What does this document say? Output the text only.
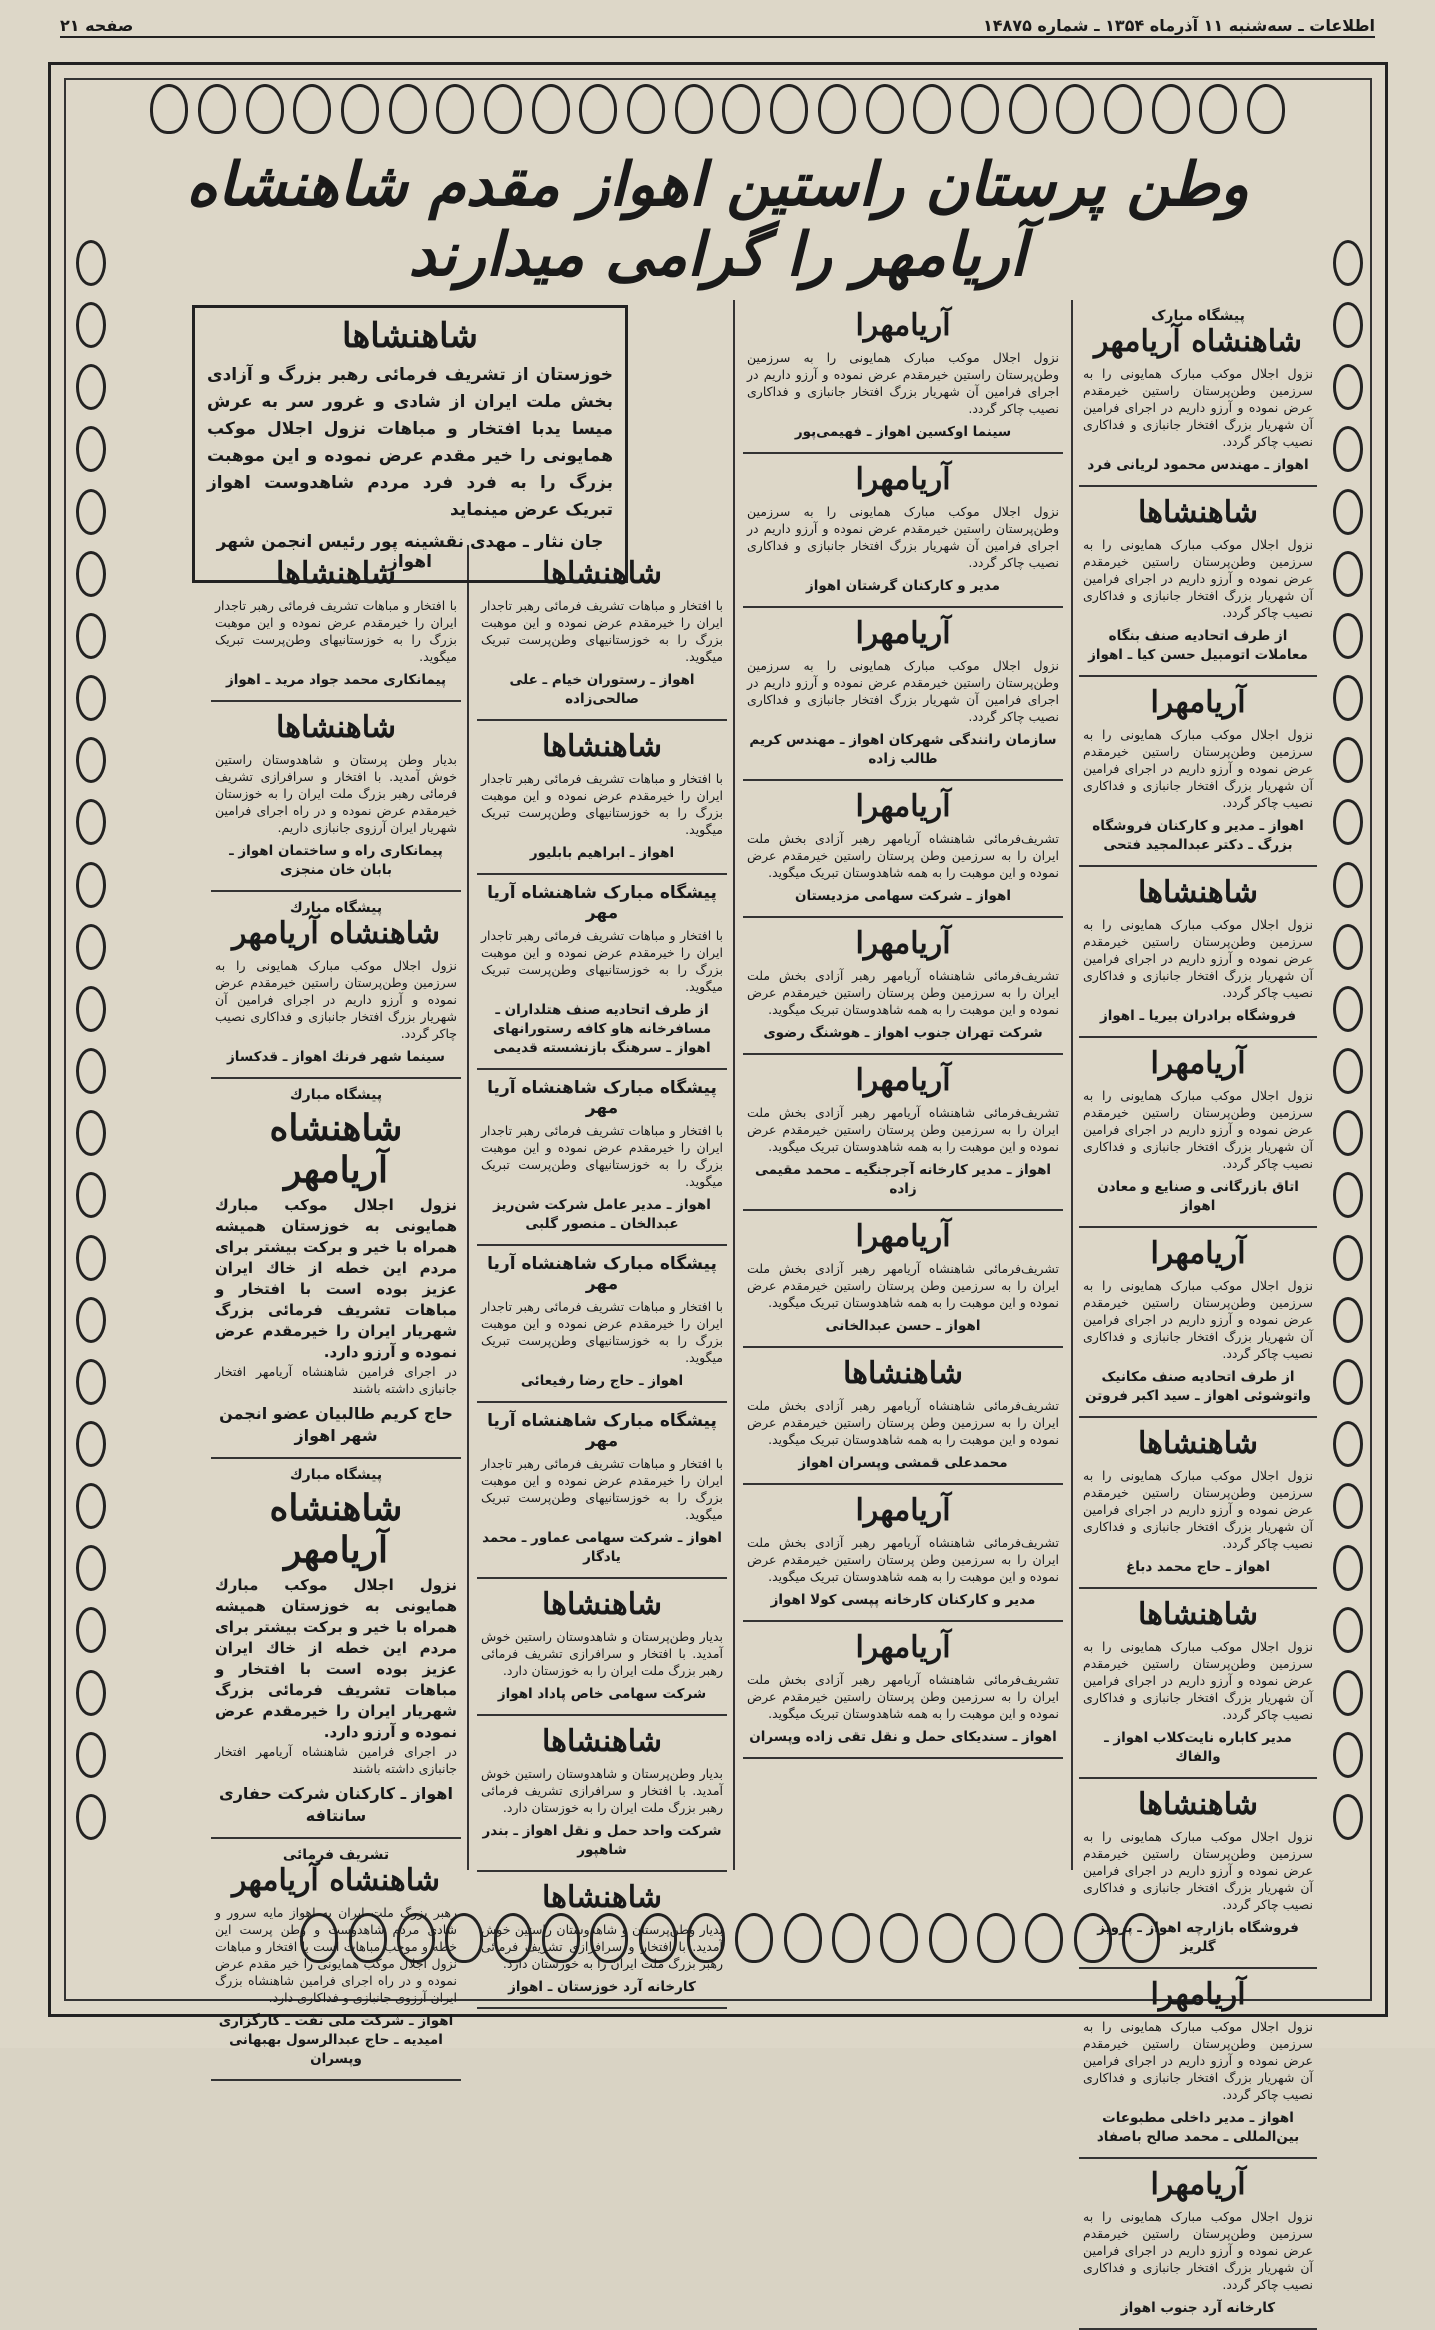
اطلاعات ـ سه‌شنبه ۱۱ آذرماه ۱۳۵۴ ـ شماره ۱۴۸۷۵
صفحه ۲۱
وطن پرستان راستین اهواز مقدم شاهنشاه آریامهر را گرامی میدارند
شاهنشاها

خوزستان از تشریف فرمائی رهبر بزرگ و آزادی بخش ملت ایران از شادی و غرور سر به عرش میسا یدبا افتخار و مباهات نزول اجلال موکب همایونی را خیر مقدم عرض نموده و این موهبت بزرگ را به فرد فرد مردم شاهدوست اهواز تبریک عرض مینماید

جان نثار ـ مهدی نقشینه پور رئیس انجمن شهر اهواز
پیشگاه مبارک
شاهنشاه آریامهر

نزول اجلال موکب مبارک همایونی را به سرزمین وطن‌پرستان راستین خیرمقدم عرض نموده و آرزو داریم در اجرای فرامین آن شهریار بزرگ افتخار جانبازی و فداکاری نصیب چاکر گردد.

اهواز ـ مهندس محمود لریانی فرد
شاهنشاها

نزول اجلال موکب مبارک همایونی را به سرزمین وطن‌پرستان راستین خیرمقدم عرض نموده و آرزو داریم در اجرای فرامین آن شهریار بزرگ افتخار جانبازی و فداکاری نصیب چاکر گردد.

از طرف اتحادیه صنف بنگاه معاملات اتومبیل حسن کیا ـ اهواز
آریامهرا

نزول اجلال موکب مبارک همایونی را به سرزمین وطن‌پرستان راستین خیرمقدم عرض نموده و آرزو داریم در اجرای فرامین آن شهریار بزرگ افتخار جانبازی و فداکاری نصیب چاکر گردد.

اهواز ـ مدیر و کارکنان فروشگاه بزرگ ـ دکتر عبدالمجید فتحی
شاهنشاها

نزول اجلال موکب مبارک همایونی را به سرزمین وطن‌پرستان راستین خیرمقدم عرض نموده و آرزو داریم در اجرای فرامین آن شهریار بزرگ افتخار جانبازی و فداکاری نصیب چاکر گردد.

فروشگاه برادران بیریا ـ اهواز
آریامهرا

نزول اجلال موکب مبارک همایونی را به سرزمین وطن‌پرستان راستین خیرمقدم عرض نموده و آرزو داریم در اجرای فرامین آن شهریار بزرگ افتخار جانبازی و فداکاری نصیب چاکر گردد.

اتاق بازرگانی و صنایع و معادن اهواز
آریامهرا

نزول اجلال موکب مبارک همایونی را به سرزمین وطن‌پرستان راستین خیرمقدم عرض نموده و آرزو داریم در اجرای فرامین آن شهریار بزرگ افتخار جانبازی و فداکاری نصیب چاکر گردد.

از طرف اتحادیه صنف مکانیک واتوشوئی اهواز ـ سید اکبر فروتن
شاهنشاها

نزول اجلال موکب مبارک همایونی را به سرزمین وطن‌پرستان راستین خیرمقدم عرض نموده و آرزو داریم در اجرای فرامین آن شهریار بزرگ افتخار جانبازی و فداکاری نصیب چاکر گردد.

اهواز ـ حاج محمد دباغ
شاهنشاها

نزول اجلال موکب مبارک همایونی را به سرزمین وطن‌پرستان راستین خیرمقدم عرض نموده و آرزو داریم در اجرای فرامین آن شهریار بزرگ افتخار جانبازی و فداکاری نصیب چاکر گردد.

مدیر کاباره نایت‌کلاب اهواز ـ والفاك
شاهنشاها

نزول اجلال موکب مبارک همایونی را به سرزمین وطن‌پرستان راستین خیرمقدم عرض نموده و آرزو داریم در اجرای فرامین آن شهریار بزرگ افتخار جانبازی و فداکاری نصیب چاکر گردد.

فروشگاه بازارچه اهواز ـ پرویز گلریز
آریامهرا

نزول اجلال موکب مبارک همایونی را به سرزمین وطن‌پرستان راستین خیرمقدم عرض نموده و آرزو داریم در اجرای فرامین آن شهریار بزرگ افتخار جانبازی و فداکاری نصیب چاکر گردد.

اهواز ـ مدیر داخلی مطبوعات بین‌المللی ـ محمد صالح باصفاد
آریامهرا

نزول اجلال موکب مبارک همایونی را به سرزمین وطن‌پرستان راستین خیرمقدم عرض نموده و آرزو داریم در اجرای فرامین آن شهریار بزرگ افتخار جانبازی و فداکاری نصیب چاکر گردد.

کارخانه آرد جنوب اهواز
آریامهرا

نزول اجلال موکب مبارک همایونی را به سرزمین وطن‌پرستان راستین خیرمقدم عرض نموده و آرزو داریم در اجرای فرامین آن شهریار بزرگ افتخار جانبازی و فداکاری نصیب چاکر گردد.

سینما اوکسین اهواز ـ فهیمی‌پور
آریامهرا

نزول اجلال موکب مبارک همایونی را به سرزمین وطن‌پرستان راستین خیرمقدم عرض نموده و آرزو داریم در اجرای فرامین آن شهریار بزرگ افتخار جانبازی و فداکاری نصیب چاکر گردد.

مدیر و کارکنان گرشتان اهواز
آریامهرا

نزول اجلال موکب مبارک همایونی را به سرزمین وطن‌پرستان راستین خیرمقدم عرض نموده و آرزو داریم در اجرای فرامین آن شهریار بزرگ افتخار جانبازی و فداکاری نصیب چاکر گردد.

سازمان رانندگی شهرکان اهواز ـ مهندس کریم طالب زاده
آریامهرا

تشریف‌فرمائی شاهنشاه آریامهر رهبر آزادی بخش ملت ایران را به سرزمین وطن پرستان راستین خیرمقدم عرض نموده و این موهبت را به همه شاهدوستان تبریک میگوید.

اهواز ـ شرکت سهامی مزدیستان
آریامهرا

تشریف‌فرمائی شاهنشاه آریامهر رهبر آزادی بخش ملت ایران را به سرزمین وطن پرستان راستین خیرمقدم عرض نموده و این موهبت را به همه شاهدوستان تبریک میگوید.

شرکت تهران جنوب اهواز ـ هوشنگ رضوی
آریامهرا

تشریف‌فرمائی شاهنشاه آریامهر رهبر آزادی بخش ملت ایران را به سرزمین وطن پرستان راستین خیرمقدم عرض نموده و این موهبت را به همه شاهدوستان تبریک میگوید.

اهواز ـ مدیر کارخانه آجرجنگیه ـ محمد مقیمی زاده
آریامهرا

تشریف‌فرمائی شاهنشاه آریامهر رهبر آزادی بخش ملت ایران را به سرزمین وطن پرستان راستین خیرمقدم عرض نموده و این موهبت را به همه شاهدوستان تبریک میگوید.

اهواز ـ حسن عبدالخانی
شاهنشاها

تشریف‌فرمائی شاهنشاه آریامهر رهبر آزادی بخش ملت ایران را به سرزمین وطن پرستان راستین خیرمقدم عرض نموده و این موهبت را به همه شاهدوستان تبریک میگوید.

محمدعلی قمشی وپسران اهواز
آریامهرا

تشریف‌فرمائی شاهنشاه آریامهر رهبر آزادی بخش ملت ایران را به سرزمین وطن پرستان راستین خیرمقدم عرض نموده و این موهبت را به همه شاهدوستان تبریک میگوید.

مدیر و کارکنان کارخانه پپسی کولا اهواز
آریامهرا

تشریف‌فرمائی شاهنشاه آریامهر رهبر آزادی بخش ملت ایران را به سرزمین وطن پرستان راستین خیرمقدم عرض نموده و این موهبت را به همه شاهدوستان تبریک میگوید.

اهواز ـ سندیکای حمل و نقل تقی زاده وپسران
شاهنشاها

با افتخار و مباهات تشریف فرمائی رهبر تاجدار ایران را خیرمقدم عرض نموده و این موهبت بزرگ را به خوزستانیهای وطن‌پرست تبریک میگوید.

اهواز ـ رستوران خیام ـ علی صالحی‌زاده
شاهنشاها

با افتخار و مباهات تشریف فرمائی رهبر تاجدار ایران را خیرمقدم عرض نموده و این موهبت بزرگ را به خوزستانیهای وطن‌پرست تبریک میگوید.

اهواز ـ ابراهیم بابلیور
پیشگاه مبارک شاهنشاه آریا مهر

با افتخار و مباهات تشریف فرمائی رهبر تاجدار ایران را خیرمقدم عرض نموده و این موهبت بزرگ را به خوزستانیهای وطن‌پرست تبریک میگوید.

از طرف اتحادیه صنف هتلداران ـ مسافرخانه هاو کافه رستورانهای اهواز ـ سرهنگ بازنشسته قدیمی
پیشگاه مبارک شاهنشاه آریا مهر

با افتخار و مباهات تشریف فرمائی رهبر تاجدار ایران را خیرمقدم عرض نموده و این موهبت بزرگ را به خوزستانیهای وطن‌پرست تبریک میگوید.

اهواز ـ مدیر عامل شرکت شن‌ریز عبدالخان ـ منصور گلبی
پیشگاه مبارک شاهنشاه آریا مهر

با افتخار و مباهات تشریف فرمائی رهبر تاجدار ایران را خیرمقدم عرض نموده و این موهبت بزرگ را به خوزستانیهای وطن‌پرست تبریک میگوید.

اهواز ـ حاج رضا رفیعائی
پیشگاه مبارک شاهنشاه آریا مهر

با افتخار و مباهات تشریف فرمائی رهبر تاجدار ایران را خیرمقدم عرض نموده و این موهبت بزرگ را به خوزستانیهای وطن‌پرست تبریک میگوید.

اهواز ـ شرکت سهامی عماور ـ محمد یادگار
شاهنشاها

بدیار وطن‌پرستان و شاهدوستان راستین خوش آمدید. با افتخار و سرافرازی تشریف فرمائی رهبر بزرگ ملت ایران را به خوزستان دارد.

شرکت سهامی خاص پاداد اهواز
شاهنشاها

بدیار وطن‌پرستان و شاهدوستان راستین خوش آمدید. با افتخار و سرافرازی تشریف فرمائی رهبر بزرگ ملت ایران را به خوزستان دارد.

شرکت واحد حمل و نقل اهواز ـ بندر شاهپور
شاهنشاها

بدیار وطن‌پرستان و شاهدوستان راستین خوش آمدید. با افتخار و سرافرازی تشریف فرمائی رهبر بزرگ ملت ایران را به خوزستان دارد.

کارخانه آرد خوزستان ـ اهواز
شاهنشاها

با افتخار و مباهات تشریف فرمائی رهبر تاجدار ایران را خیرمقدم عرض نموده و این موهبت بزرگ را به خوزستانیهای وطن‌پرست تبریک میگوید.

پیمانکاری محمد جواد مرید ـ اهواز
شاهنشاها

بدیار وطن پرستان و شاهدوستان راستین خوش آمدید. با افتخار و سرافرازی تشریف فرمائی رهبر بزرگ ملت ایران را به خوزستان خیرمقدم عرض نموده و در راه اجرای فرامین شهریار ایران آرزوی جانبازی داریم.

پیمانکاری راه و ساختمان اهواز ـ بابان خان منجزی
پیشگاه مبارك
شاهنشاه آریامهر

نزول اجلال موکب مبارک همایونی را به سرزمین وطن‌پرستان راستین خیرمقدم عرض نموده و آرزو داریم در اجرای فرامین آن شهریار بزرگ افتخار جانبازی و فداکاری نصیب چاکر گردد.

سینما شهر فرنك اهواز ـ قدکساز
پیشگاه مبارك
شاهنشاه آریامهر
نزول اجلال موکب مبارك همایونی به خوزستان همیشه همراه با خیر و برکت بیشتر برای مردم این خطه از خاك ایران عزیز بوده است با افتخار و مباهات تشریف فرمائی بزرگ شهریار ایران را خیرمقدم عرض نموده و آرزو دارد.

در اجرای فرامین شاهنشاه آریامهر افتخار جانبازی داشته باشند

حاج کریم طالبیان عضو انجمن شهر اهواز
پیشگاه مبارك
شاهنشاه آریامهر
نزول اجلال موکب مبارك همایونی به خوزستان همیشه همراه با خیر و برکت بیشتر برای مردم این خطه از خاك ایران عزیز بوده است با افتخار و مباهات تشریف فرمائی بزرگ شهریار ایران را خیرمقدم عرض نموده و آرزو دارد.

در اجرای فرامین شاهنشاه آریامهر افتخار جانبازی داشته باشند

اهواز ـ کارکنان شرکت حفاری سانتافه
تشریف فرمائی
شاهنشاه آریامهر

رهبر بزرگ ملت ایران به اهواز مایه سرور و شادی مردم شاهدوست و وطن پرست این خطه و موجب مباهات است با افتخار و مباهات نزول اجلال موکب همایونی را خیر مقدم عرض نموده و در راه اجرای فرامین شاهنشاه بزرگ ایران آرزوی جانبازی و فداکاری دارد.

اهواز ـ شرکت ملی نفت ـ کارگزاری امیدیه ـ حاج عبدالرسول بهبهانی وپسران
